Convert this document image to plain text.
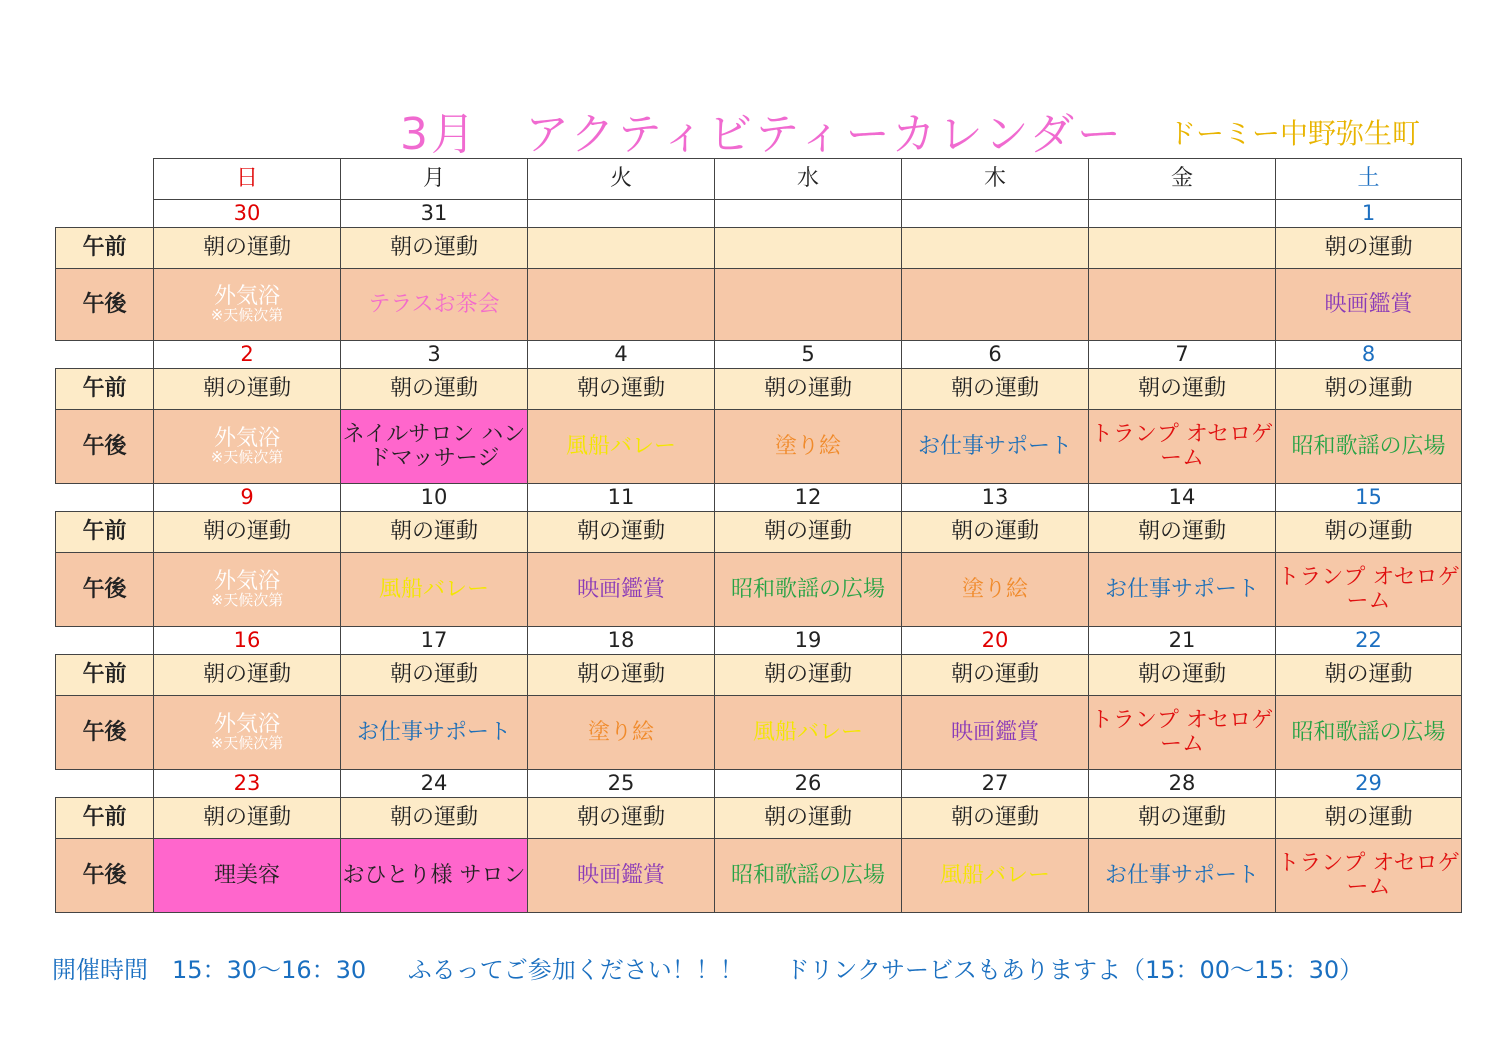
3月　アクティビティーカレンダー ドーミー中野弥生町
	日	月	火	水	木	金	土
	30	31					1
午前	朝の運動	朝の運動					朝の運動
午後	外気浴
※天候次第	テラスお茶会					映画鑑賞
	2	3	4	5	6	7	8
午前	朝の運動	朝の運動	朝の運動	朝の運動	朝の運動	朝の運動	朝の運動
午後	外気浴
※天候次第	ネイルサロン ハンドマッサージ	風船バレー	塗り絵	お仕事サポート	トランプ オセロゲーム	昭和歌謡の広場
	9	10	11	12	13	14	15
午前	朝の運動	朝の運動	朝の運動	朝の運動	朝の運動	朝の運動	朝の運動
午後	外気浴
※天候次第	風船バレー	映画鑑賞	昭和歌謡の広場	塗り絵	お仕事サポート	トランプ オセロゲーム
	16	17	18	19	20	21	22
午前	朝の運動	朝の運動	朝の運動	朝の運動	朝の運動	朝の運動	朝の運動
午後	外気浴
※天候次第	お仕事サポート	塗り絵	風船バレー	映画鑑賞	トランプ オセロゲーム	昭和歌謡の広場
	23	24	25	26	27	28	29
午前	朝の運動	朝の運動	朝の運動	朝の運動	朝の運動	朝の運動	朝の運動
午後	理美容	おひとり様 サロン	映画鑑賞	昭和歌謡の広場	風船バレー	お仕事サポート	トランプ オセロゲーム
開催時間　15：30〜16：30 ふるってご参加ください！！！ ドリンクサービスもありますよ（15：00〜15：30）
